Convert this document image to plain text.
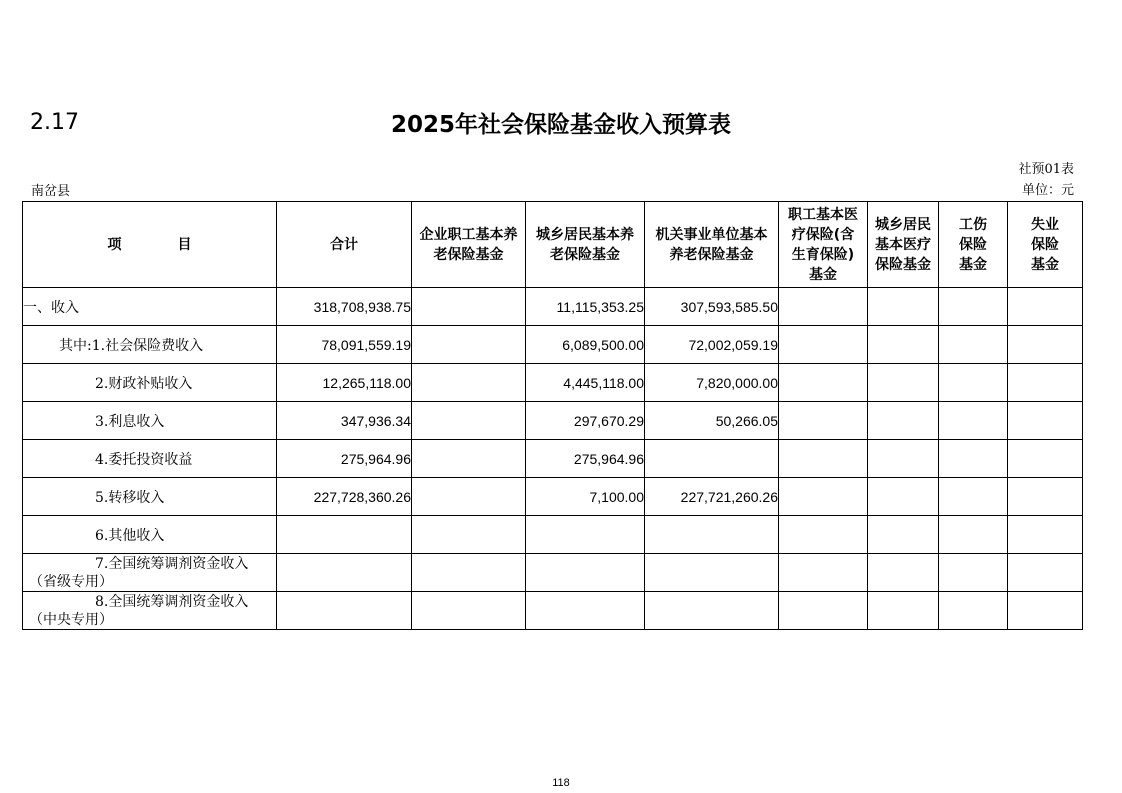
2.17	2025年社会保险基金收入预算表
社预01表
单位：元
南岔县
项　　　　目	合计	企业职工基本养老保险基金	城乡居民基本养老保险基金	机关事业单位基本养老保险基金	职工基本医疗保险(含生育保险)基金	城乡居民基本医疗保险基金	工伤保险基金	失业保险基金

一、收入	318,708,938.75		11,115,353.25	307,593,585.50				
其中:1.社会保险费收入	78,091,559.19		6,089,500.00	72,002,059.19				
2.财政补贴收入	12,265,118.00		4,445,118.00	7,820,000.00				
3.利息收入	347,936.34		297,670.29	50,266.05				
4.委托投资收益	275,964.96		275,964.96					
5.转移收入	227,728,360.26		7,100.00	227,721,260.26				
6.其他收入								

7.全国统筹调剂资金收入
（省级专用）								

8.全国统筹调剂资金收入
（中央专用）								
118
